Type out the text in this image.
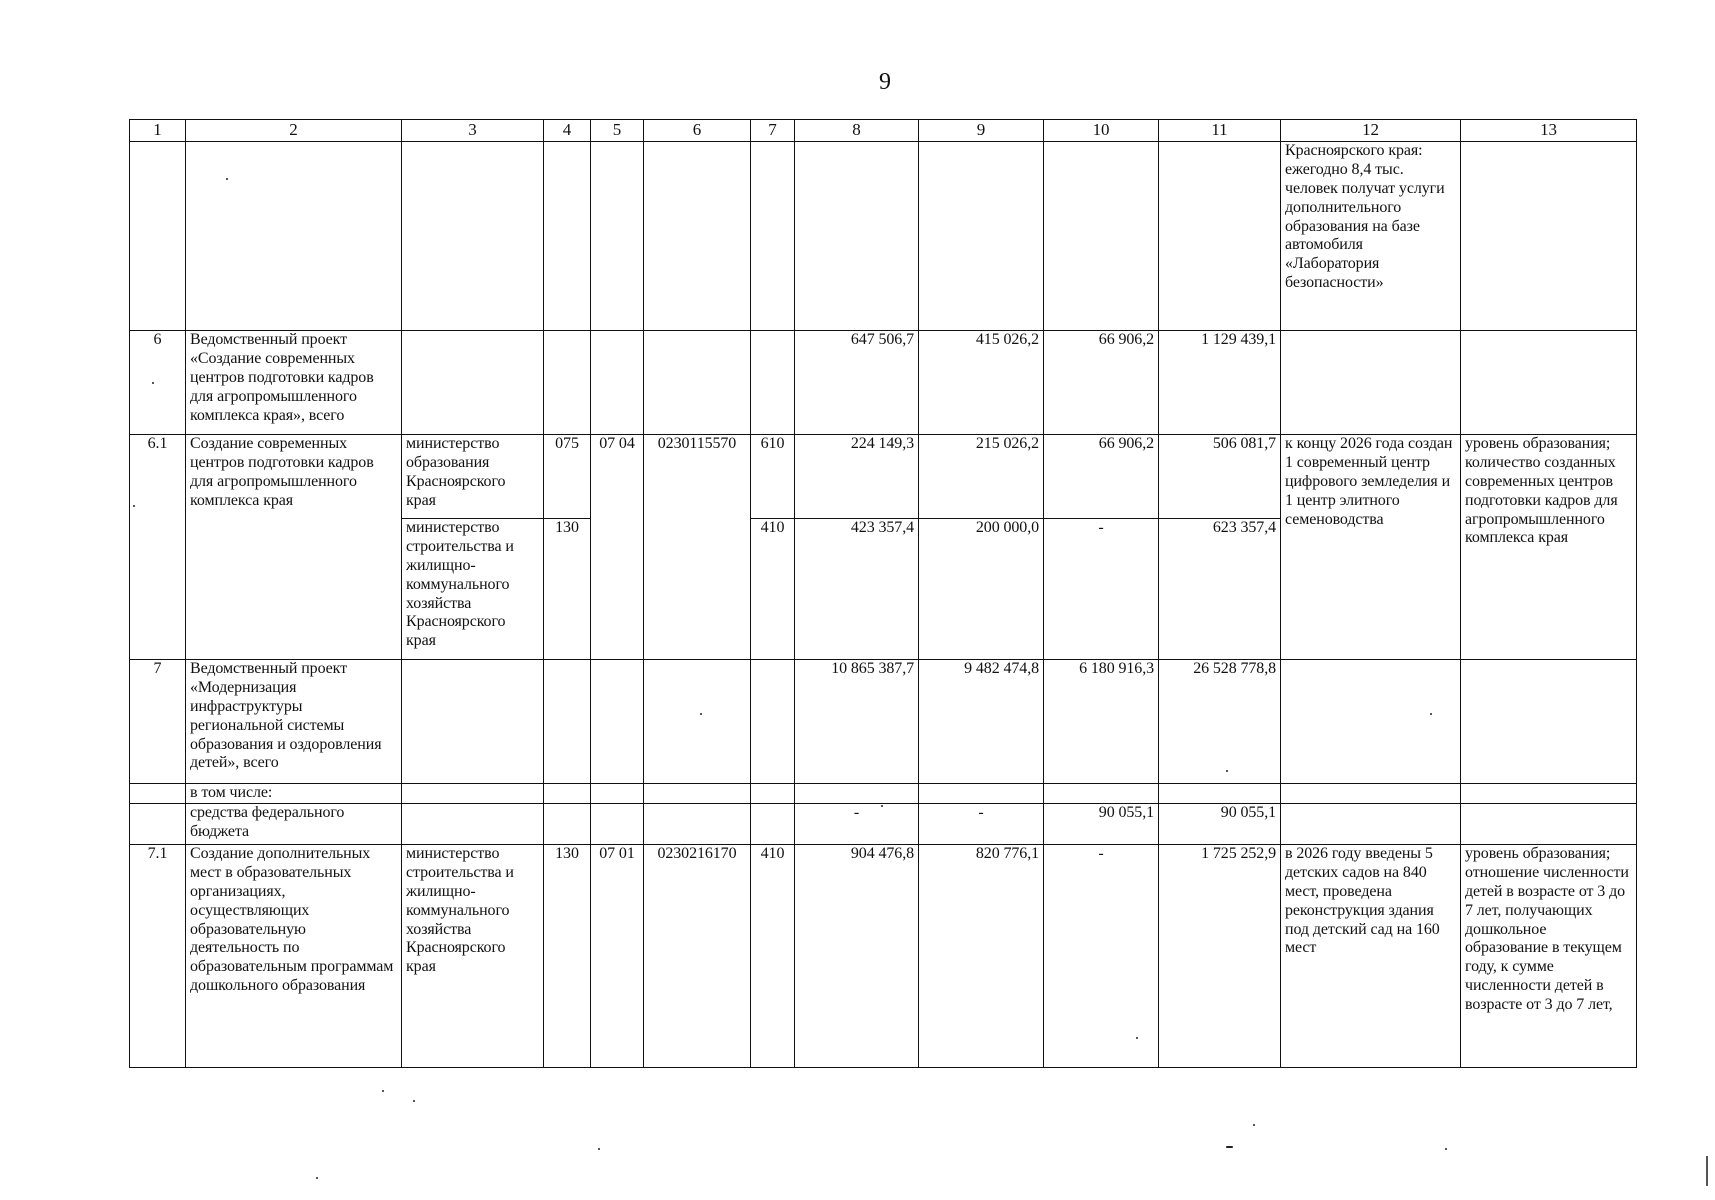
9
1	2	3	4	5	6	7	8	9	10	11	12	13
											Красноярского края: ежегодно 8,4 тыс. человек получат услуги дополнительного образования на базе автомобиля «Лаборатория безопасности»	
6	Ведомственный проект «Создание современных центров подготовки кадров для агропромышленного комплекса края», всего						647 506,7	415 026,2	66 906,2	1 129 439,1		
6.1	Создание современных центров подготовки кадров для агропромышленного комплекса края	министерство образования Красноярского края	075	07 04	0230115570	610	224 149,3	215 026,2	66 906,2	506 081,7	к концу 2026 года создан 1 современный центр цифрового земледелия и 1 центр элитного семеноводства	уровень образования; количество созданных современных центров подготовки кадров для агропромышленного комплекса края
		министерство строительства и жилищно-коммунального хозяйства Красноярского края	130			410	423 357,4	200 000,0	-	623 357,4		
7	Ведомственный проект «Модернизация инфраструктуры региональной системы образования и оздоровления детей», всего						10 865 387,7	9 482 474,8	6 180 916,3	26 528 778,8		
	в том числе:											
	средства федерального бюджета						-	-	90 055,1	90 055,1		
7.1	Создание дополнительных мест в образовательных организациях, осуществляющих образовательную деятельность по образовательным программам дошкольного образования	министерство строительства и жилищно-коммунального хозяйства Красноярского края	130	07 01	0230216170	410	904 476,8	820 776,1	-	1 725 252,9	в 2026 году введены 5 детских садов на 840 мест, проведена реконструкция здания под детский сад на 160 мест	уровень образования; отношение численности детей в возрасте от 3 до 7 лет, получающих дошкольное образование в текущем году, к сумме численности детей в возрасте от 3 до 7 лет,
